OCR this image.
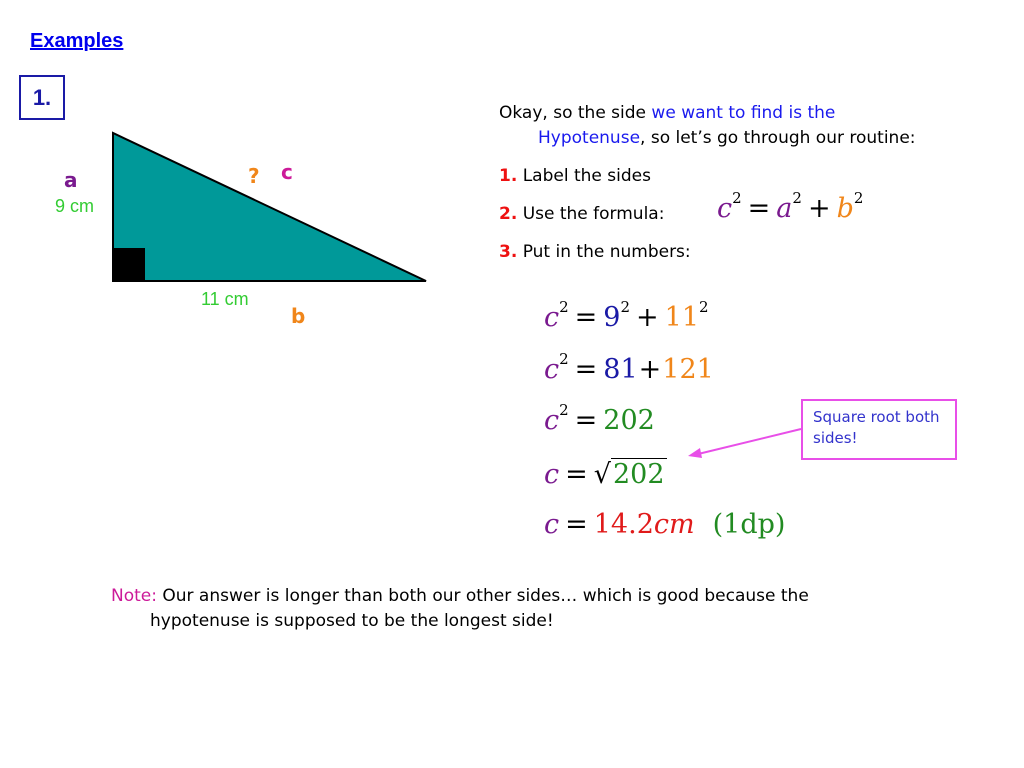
Examples
1.
a
9 cm
? c
11 cm
b
Okay, so the side we want to find is the
Hypotenuse, so let’s go through our routine:
1. Label the sides
2. Use the formula:
3. Put in the numbers:
$c^2 = a^2 + b^2$
$c^2 = 9^2 + 11^2$
$c^2 = 81+121$
$c^2 = 202$
c = √202
c = 14.2cm (1dp)
Square root both sides!
Note: Our answer is longer than both our other sides… which is good because the
hypotenuse is supposed to be the longest side!
